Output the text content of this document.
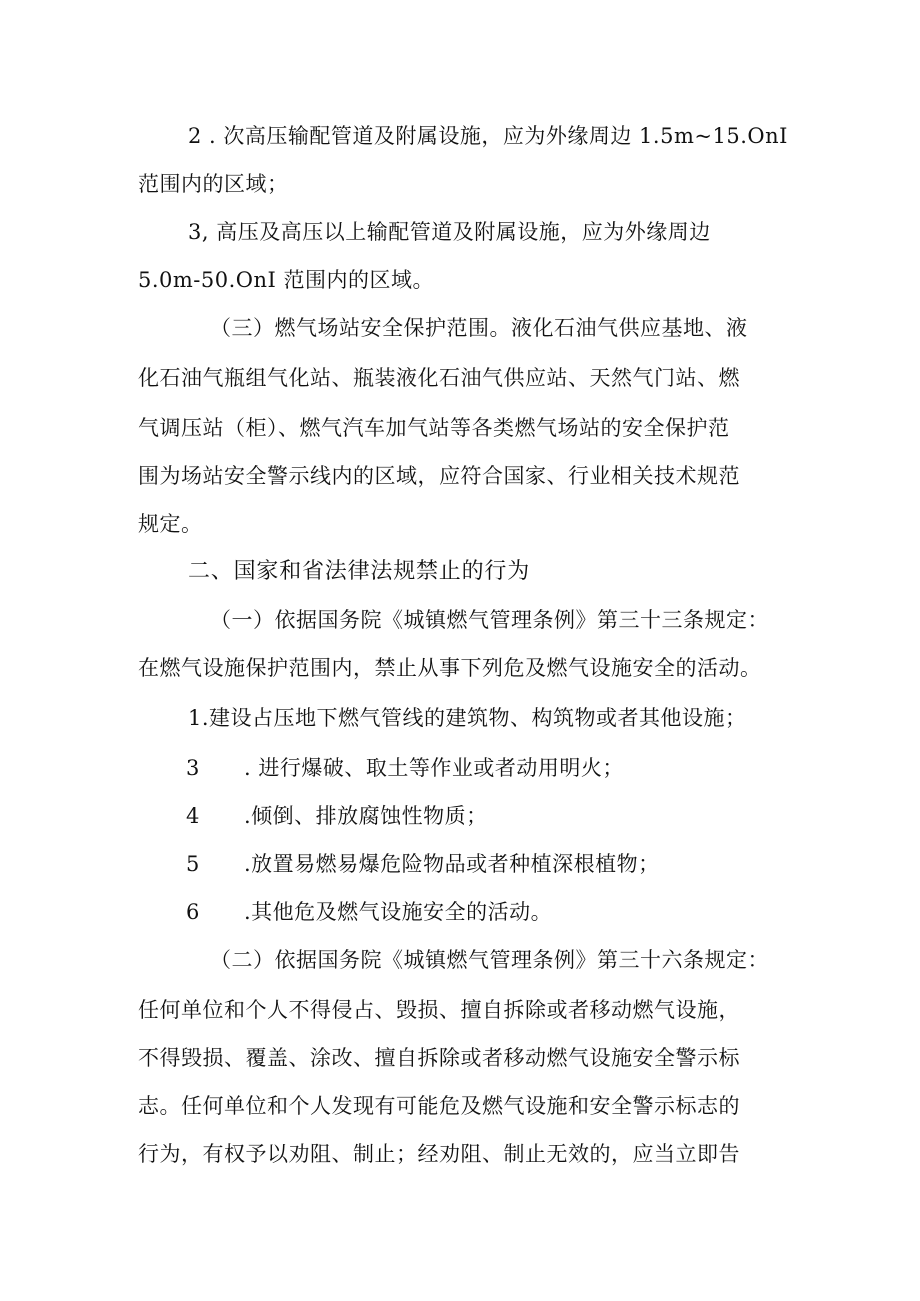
2 . 次高压输配管道及附属设施，应为外缘周边 1.5m~15.OnI
范围内的区域；
3, 高压及高压以上输配管道及附属设施，应为外缘周边
5.0m-50.OnI 范围内的区域。
（三）燃气场站安全保护范围。液化石油气供应基地、液
化石油气瓶组气化站、瓶装液化石油气供应站、天然气门站、燃
气调压站（柜）、燃气汽车加气站等各类燃气场站的安全保护范
围为场站安全警示线内的区域，应符合国家、行业相关技术规范
规定。
二、国家和省法律法规禁止的行为
（一）依据国务院《城镇燃气管理条例》第三十三条规定：
在燃气设施保护范围内，禁止从事下列危及燃气设施安全的活动。
1.建设占压地下燃气管线的建筑物、构筑物或者其他设施；
3 . 进行爆破、取土等作业或者动用明火；
4 .倾倒、排放腐蚀性物质；
5 .放置易燃易爆危险物品或者种植深根植物；
6 .其他危及燃气设施安全的活动。
（二）依据国务院《城镇燃气管理条例》第三十六条规定：
任何单位和个人不得侵占、毁损、擅自拆除或者移动燃气设施，
不得毁损、覆盖、涂改、擅自拆除或者移动燃气设施安全警示标
志。任何单位和个人发现有可能危及燃气设施和安全警示标志的
行为，有权予以劝阻、制止；经劝阻、制止无效的，应当立即告
